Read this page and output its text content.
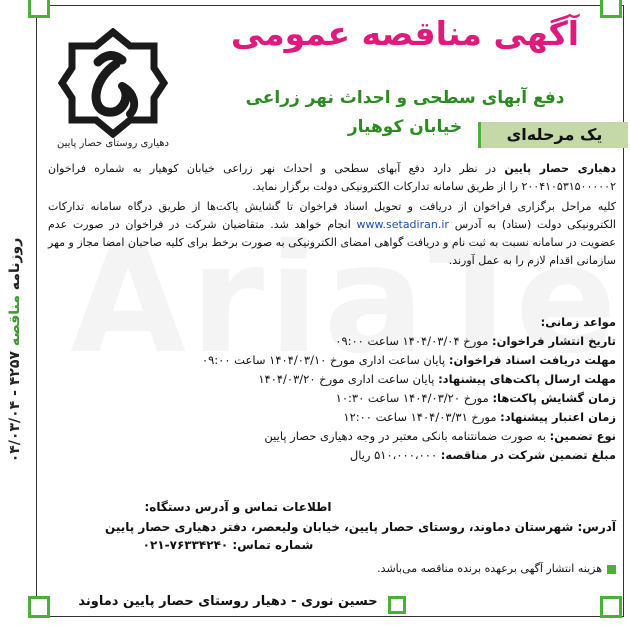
روزنامه مناقصه ۴۲۵۷ - ۰۴/۰۳/۰۴
دهیاری روستای حصار پایین
آگهی مناقصه عمومی
دفع آبهای سطحی و احداث نهر زراعی
خیابان کوهیار	یک مرحله‌ای

دهیاری حصار پایین در نظر دارد دفع آبهای سطحی و احداث نهر زراعی خیابان کوهیار به شماره فراخوان ۲۰۰۴۱۰۵۳۱۵۰۰۰۰۰۲ را از طریق سامانه تدارکات الکترونیکی دولت برگزار نماید.

کلیه مراحل برگزاری فراخوان از دریافت و تحویل اسناد فراخوان تا گشایش پاکت‌ها از طریق درگاه سامانه تدارکات الکترونیکی دولت (ستاد) به آدرس www.setadiran.ir انجام خواهد شد. متقاضیان شرکت در فراخوان در صورت عدم عضویت در سامانه نسبت به ثبت نام و دریافت گواهی امضای الکترونیکی به صورت برخط برای کلیه صاحبان امضا مجاز و مهر سازمانی اقدام لازم را به عمل آورند.

مواعد زمانی:
تاریخ انتشار فراخوان: مورخ ۱۴۰۴/۰۳/۰۴ ساعت ۰۹:۰۰
مهلت دریافت اسناد فراخوان: پایان ساعت اداری مورخ ۱۴۰۴/۰۳/۱۰ ساعت ۰۹:۰۰
مهلت ارسال پاکت‌های پیشنهاد: پایان ساعت اداری مورخ ۱۴۰۴/۰۳/۲۰
زمان گشایش پاکت‌ها: مورخ ۱۴۰۴/۰۳/۲۰ ساعت ۱۰:۳۰
زمان اعتبار پیشنهاد: مورخ ۱۴۰۴/۰۳/۳۱ ساعت ۱۲:۰۰
نوع تضمین: به صورت ضمانتنامه بانکی معتبر در وجه دهیاری حصار پایین
مبلغ تضمین شرکت در مناقصه: ۵۱۰،۰۰۰،۰۰۰ ریال
اطلاعات تماس و آدرس دستگاه:
آدرس: شهرستان دماوند، روستای حصار پایین، خیابان ولیعصر، دفتر دهیاری حصار پایین
شماره تماس: ۷۶۳۳۴۲۴۰-۰۲۱
هزینه انتشار آگهی برعهده برنده مناقصه می‌باشد.
حسین نوری - دهیار روستای حصار پایین دماوند
